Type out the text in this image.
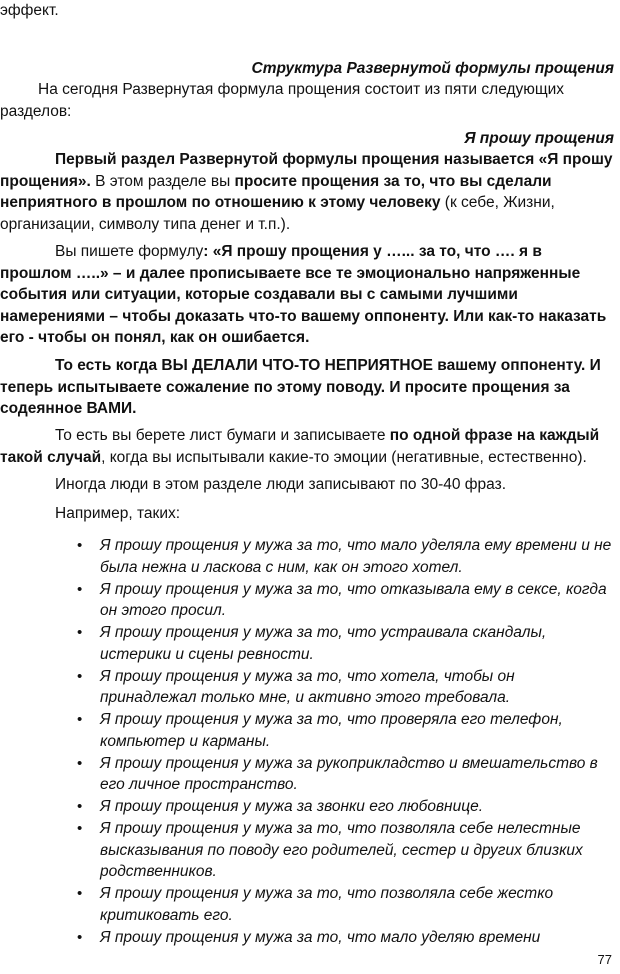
эффект.

Структура Развернутой формулы прощения

На сегодня Развернутая формула прощения состоит из пяти следующих разделов:

Я прошу прощения

Первый раздел Развернутой формулы прощения называется «Я прошу прощения». В этом разделе вы просите прощения за то, что вы сделали неприятного в прошлом по отношению к этому человеку (к себе, Жизни, организации, символу типа денег и т.п.).

Вы пишете формулу: «Я прошу прощения у …... за то, что …. я в прошлом …..» – и далее прописываете все те эмоционально напряженные события или ситуации, которые создавали вы с самыми лучшими намерениями – чтобы доказать что-то вашему оппоненту. Или как-то наказать его - чтобы он понял, как он ошибается.

То есть когда ВЫ ДЕЛАЛИ ЧТО-ТО НЕПРИЯТНОЕ вашему оппоненту. И теперь испытываете сожаление по этому поводу. И просите прощения за содеянное ВАМИ.

То есть вы берете лист бумаги и записываете по одной фразе на каждый такой случай, когда вы испытывали какие-то эмоции (негативные, естественно).

Иногда люди в этом разделе люди записывают по 30-40 фраз.

Например, таких:

• Я прошу прощения у мужа за то, что мало уделяла ему времени и не была нежна и ласкова с ним, как он этого хотел.
• Я прошу прощения у мужа за то, что отказывала ему в сексе, когда он этого просил.
• Я прошу прощения у мужа за то, что устраивала скандалы, истерики и сцены ревности.
• Я прошу прощения у мужа за то, что хотела, чтобы он принадлежал только мне, и активно этого требовала.
• Я прошу прощения у мужа за то, что проверяла его телефон, компьютер и карманы.
• Я прошу прощения у мужа за рукоприкладство и вмешательство в его личное пространство.
• Я прошу прощения у мужа за звонки его любовнице.
• Я прошу прощения у мужа за то, что позволяла себе нелестные высказывания по поводу его родителей, сестер и других близких родственников.
• Я прошу прощения у мужа за то, что позволяла себе жестко критиковать его.
• Я прошу прощения у мужа за то, что мало уделяю времени
77
